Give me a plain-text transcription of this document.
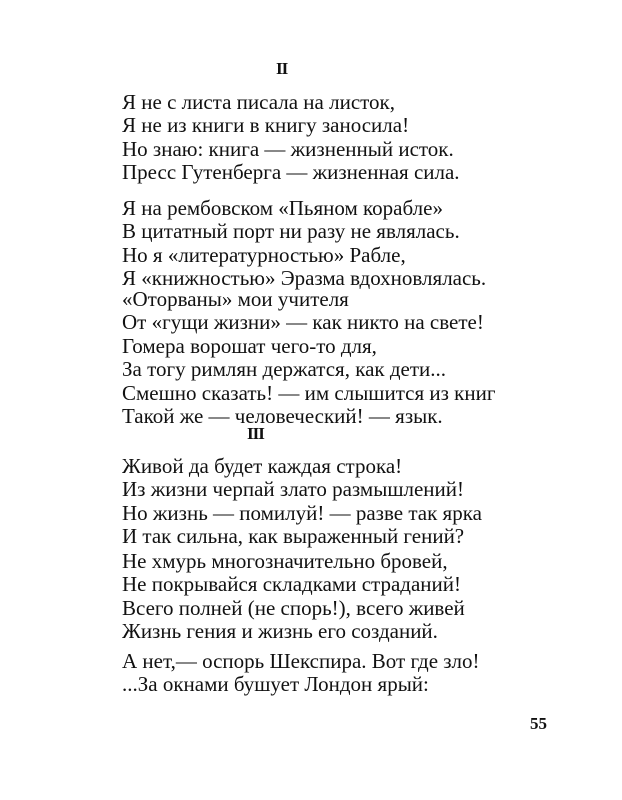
II
Я не с листа писала на листок,
Я не из книги в книгу заносила!
Но знаю: книга — жизненный исток.
Пресс Гутенберга — жизненная сила.
Я на рембовском «Пьяном корабле»
В цитатный порт ни разу не являлась.
Но я «литературностью» Рабле,
Я «книжностью» Эразма вдохновлялась.
«Оторваны» мои учителя
От «гущи жизни» — как никто на свете!
Гомера ворошат чего-то для,
За тогу римлян держатся, как дети...
Смешно сказать! — им слышится из книг
Такой же — человеческий! — язык.
III
Живой да будет каждая строка!
Из жизни черпай злато размышлений!
Но жизнь — помилуй! — разве так ярка
И так сильна, как выраженный гений?
Не хмурь многозначительно бровей,
Не покрывайся складками страданий!
Всего полней (не спорь!), всего живей
Жизнь гения и жизнь его созданий.
А нет,— оспорь Шекспира. Вот где зло!
...За окнами бушует Лондон ярый:
55
